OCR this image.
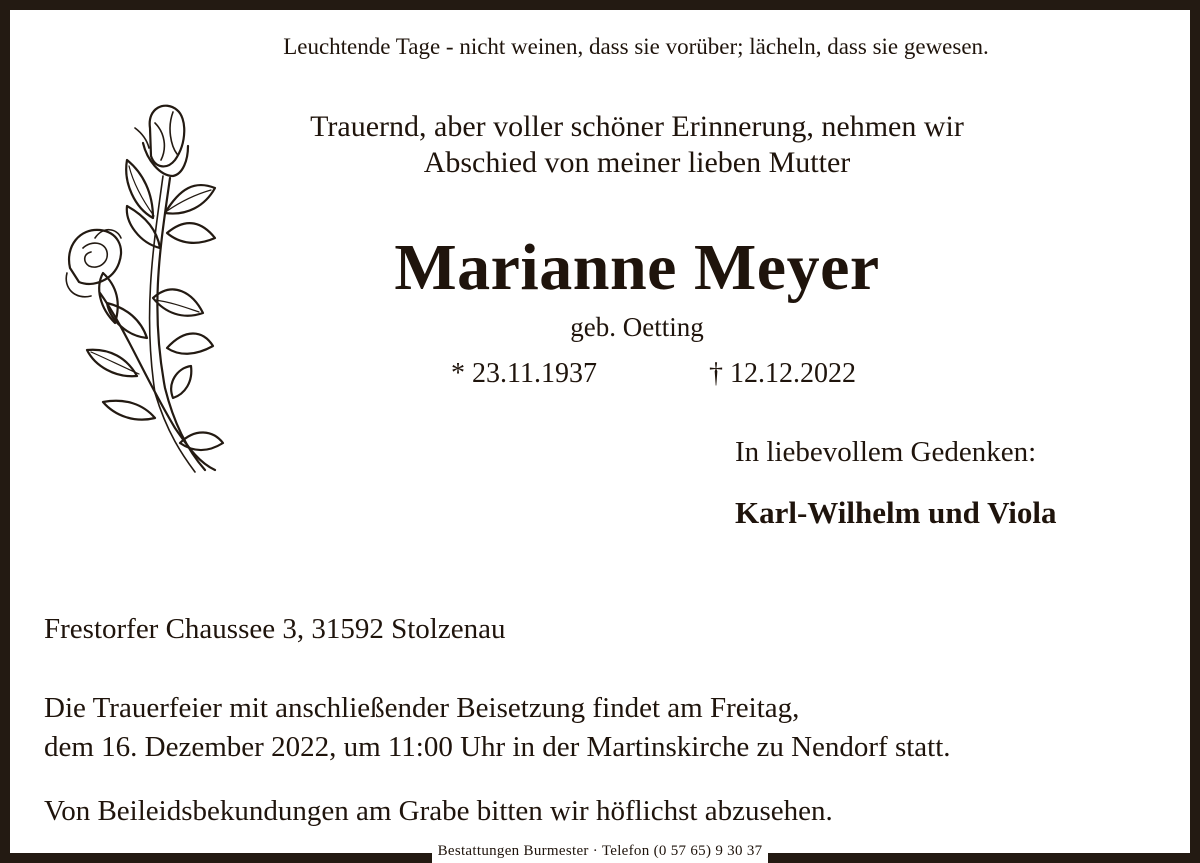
Leuchtende Tage - nicht weinen, dass sie vorüber; lächeln, dass sie gewesen.
Trauernd, aber voller schöner Erinnerung, nehmen wir
Abschied von meiner lieben Mutter
Marianne Meyer
geb. Oetting
* 23.11.1937	† 12.12.2022
In liebevollem Gedenken:
Karl-Wilhelm und Viola
Frestorfer Chaussee 3, 31592 Stolzenau
Die Trauerfeier mit anschließender Beisetzung findet am Freitag,
dem 16. Dezember 2022, um 11:00 Uhr in der Martinskirche zu Nendorf statt.
Von Beileidsbekundungen am Grabe bitten wir höflichst abzusehen.
Bestattungen Burmester · Telefon (0 57 65) 9 30 37
